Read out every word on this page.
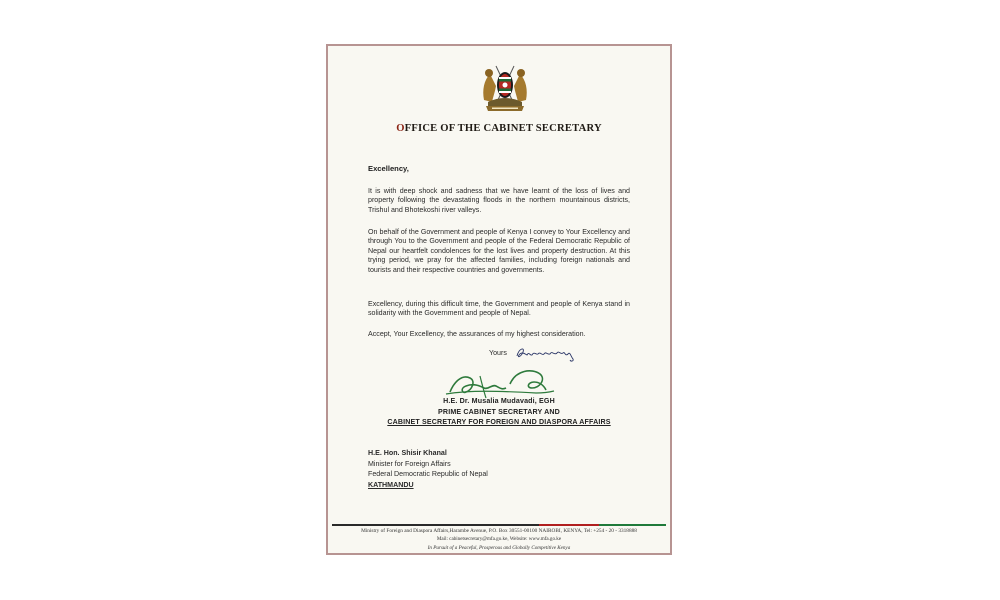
OFFICE OF THE CABINET SECRETARY
Excellency,

It is with deep shock and sadness that we have learnt of the loss of lives and property following the devastating floods in the northern mountainous districts, Trishul and Bhotekoshi river valleys.

On behalf of the Government and people of Kenya I convey to Your Excellency and through You to the Government and people of the Federal Democratic Republic of Nepal our heartfelt condolences for the lost lives and property destruction. At this trying period, we pray for the affected families, including foreign nationals and tourists and their respective countries and governments.

Excellency, during this difficult time, the Government and people of Kenya stand in solidarity with the Government and people of Nepal.

Accept, Your Excellency, the assurances of my highest consideration.

Yours
H.E. Dr. Musalia Mudavadi, EGH
PRIME CABINET SECRETARY AND
CABINET SECRETARY FOR FOREIGN AND DIASPORA AFFAIRS
H.E. Hon. Shisir Khanal
Minister for Foreign Affairs
Federal Democratic Republic of Nepal
KATHMANDU
Ministry of Foreign and Diaspora Affairs,Harambe Avenue, P.O. Box 30551-00100 NAIROBI, KENYA, Tel: +254 - 20 - 3318888
Mail: cabinetsecretary@mfa.go.ke, Website: www.mfa.go.ke
In Pursuit of a Peaceful, Prosperous and Globally Competitive Kenya
